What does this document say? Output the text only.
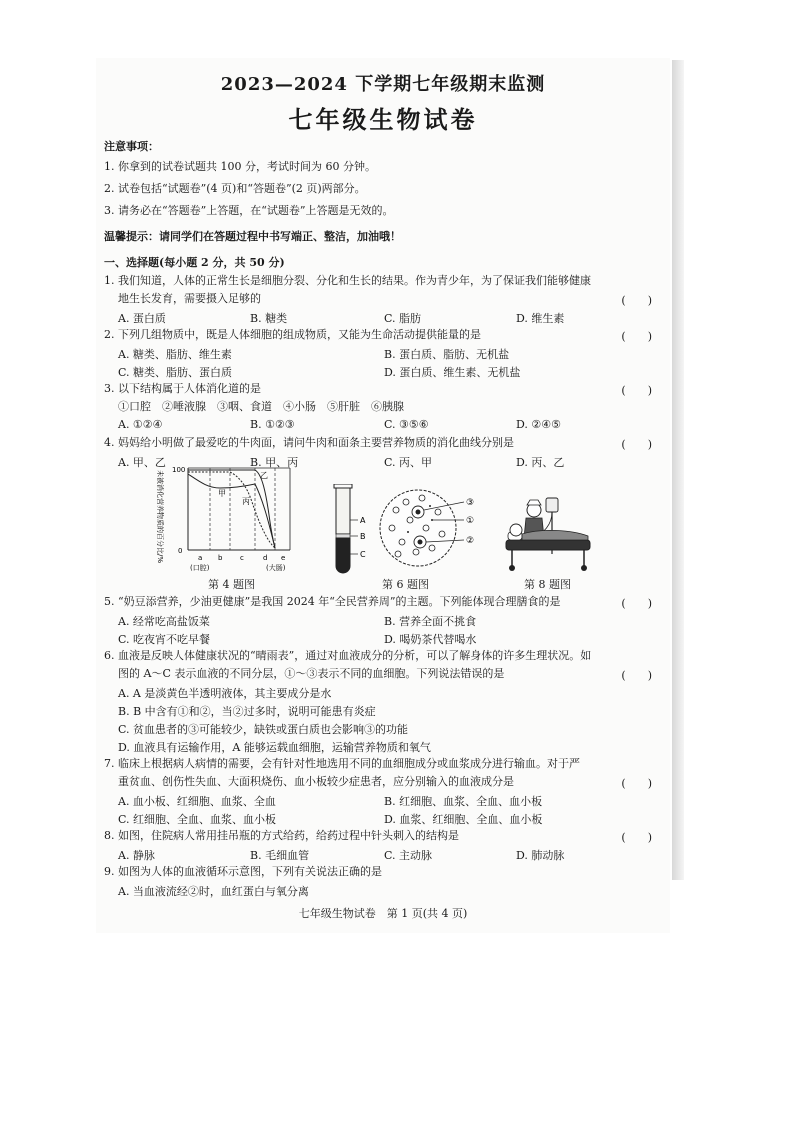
2023—2024 下学期七年级期末监测
七年级生物试卷
注意事项：
1. 你拿到的试卷试题共 100 分，考试时间为 60 分钟。
2. 试卷包括“试题卷”(4 页)和“答题卷”(2 页)两部分。
3. 请务必在“答题卷”上答题，在“试题卷”上答题是无效的。
温馨提示：请同学们在答题过程中书写端正、整洁，加油哦！
一、选择题(每小题 2 分，共 50 分)
1. 我们知道，人体的正常生长是细胞分裂、分化和生长的结果。作为青少年，为了保证我们能够健康
地生长发育，需要摄入足够的	(　　)
A. 蛋白质	B. 糖类	C. 脂肪	D. 维生素
2. 下列几组物质中，既是人体细胞的组成物质，又能为生命活动提供能量的是	(　　)
A. 糖类、脂肪、维生素	B. 蛋白质、脂肪、无机盐
C. 糖类、脂肪、蛋白质	D. 蛋白质、维生素、无机盐
3. 以下结构属于人体消化道的是	(　　)
①口腔　②唾液腺　③咽、食道　④小肠　⑤肝脏　⑥胰腺
A. ①②④	B. ①②③	C. ③⑤⑥	D. ②④⑤
4. 妈妈给小明做了最爱吃的牛肉面，请问牛肉和面条主要营养物质的消化曲线分别是	(　　)
A. 甲、乙	B. 甲、丙	C. 丙、甲	D. 丙、乙
未被消化营养物质的百分比/% 100
0
甲
乙
丙
a b	c	d e
(口腔)	(大肠)
第 4 题图
A
B
C
③
①
②
第 6 题图	第 8 题图
5. “奶豆添营养，少油更健康”是我国 2024 年“全民营养周”的主题。下列能体现合理膳食的是	(　　)
A. 经常吃高盐饭菜	B. 营养全面不挑食
C. 吃夜宵不吃早餐	D. 喝奶茶代替喝水
6. 血液是反映人体健康状况的“晴雨表”，通过对血液成分的分析，可以了解身体的许多生理状况。如
图的 A～C 表示血液的不同分层，①～③表示不同的血细胞。下列说法错误的是	(　　)
A. A 是淡黄色半透明液体，其主要成分是水
B. B 中含有①和②，当②过多时，说明可能患有炎症
C. 贫血患者的③可能较少，缺铁或蛋白质也会影响③的功能
D. 血液具有运输作用，A 能够运载血细胞，运输营养物质和氧气
7. 临床上根据病人病情的需要，会有针对性地选用不同的血细胞成分或血浆成分进行输血。对于严
重贫血、创伤性失血、大面积烧伤、血小板较少症患者，应分别输入的血液成分是	(　　)
A. 血小板、红细胞、血浆、全血	B. 红细胞、血浆、全血、血小板
C. 红细胞、全血、血浆、血小板	D. 血浆、红细胞、全血、血小板
8. 如图，住院病人常用挂吊瓶的方式给药，给药过程中针头刺入的结构是	(　　)
A. 静脉	B. 毛细血管	C. 主动脉	D. 肺动脉
9. 如图为人体的血液循环示意图，下列有关说法正确的是
A. 当血液流经②时，血红蛋白与氧分离
七年级生物试卷　第 1 页(共 4 页)
